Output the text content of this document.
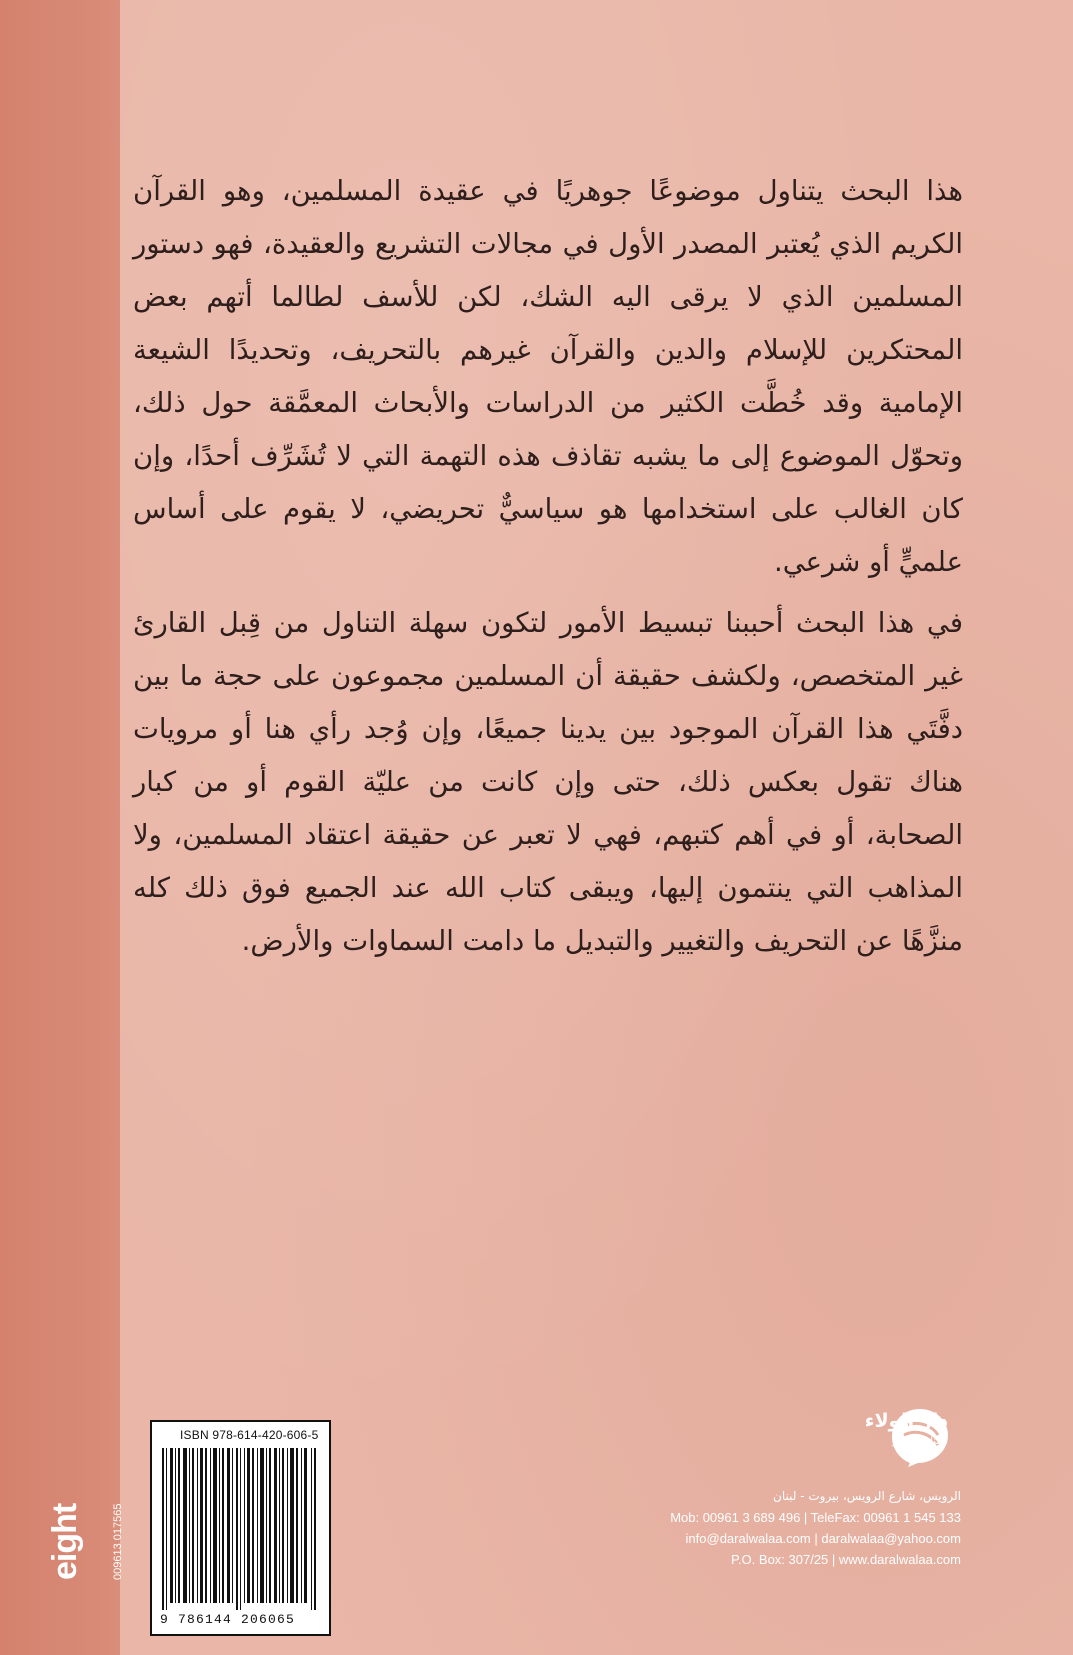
هذا البحث يتناول موضوعًا جوهريًا في عقيدة المسلمين، وهو القرآن الكريم الذي يُعتبر المصدر الأول في مجالات التشريع والعقيدة، فهو دستور المسلمين الذي لا يرقى اليه الشك، لكن للأسف لطالما أتهم بعض المحتكرين للإسلام والدين والقرآن غيرهم بالتحريف، وتحديدًا الشيعة الإمامية وقد خُطَّت الكثير من الدراسات والأبحاث المعمَّقة حول ذلك، وتحوّل الموضوع إلى ما يشبه تقاذف هذه التهمة التي لا تُشَرِّف أحدًا، وإن كان الغالب على استخدامها هو سياسيٌّ تحريضي، لا يقوم على أساس علميٍّ أو شرعي.

في هذا البحث أحببنا تبسيط الأمور لتكون سهلة التناول من قِبل القارئ غير المتخصص، ولكشف حقيقة أن المسلمين مجموعون على حجة ما بين دفَّتَي هذا القرآن الموجود بين يدينا جميعًا، وإن وُجد رأي هنا أو مرويات هناك تقول بعكس ذلك، حتى وإن كانت من عليّة القوم أو من كبار الصحابة، أو في أهم كتبهم، فهي لا تعبر عن حقيقة اعتقاد المسلمين، ولا المذاهب التي ينتمون إليها، ويبقى كتاب الله عند الجميع فوق ذلك كله منزَّهًا عن التحريف والتغيير والتبديل ما دامت السماوات والأرض.

ISBN 978-614-420-606-5
9 786144 206065
eight	009613 017565
دار الولاء
لصناعة النشر
الرويس، شارع الرويس، بيروت - لبنان
Mob: 00961 3 689 496 | TeleFax: 00961 1 545 133
info@daralwalaa.com | daralwalaa@yahoo.com
P.O. Box: 307/25 | www.daralwalaa.com
